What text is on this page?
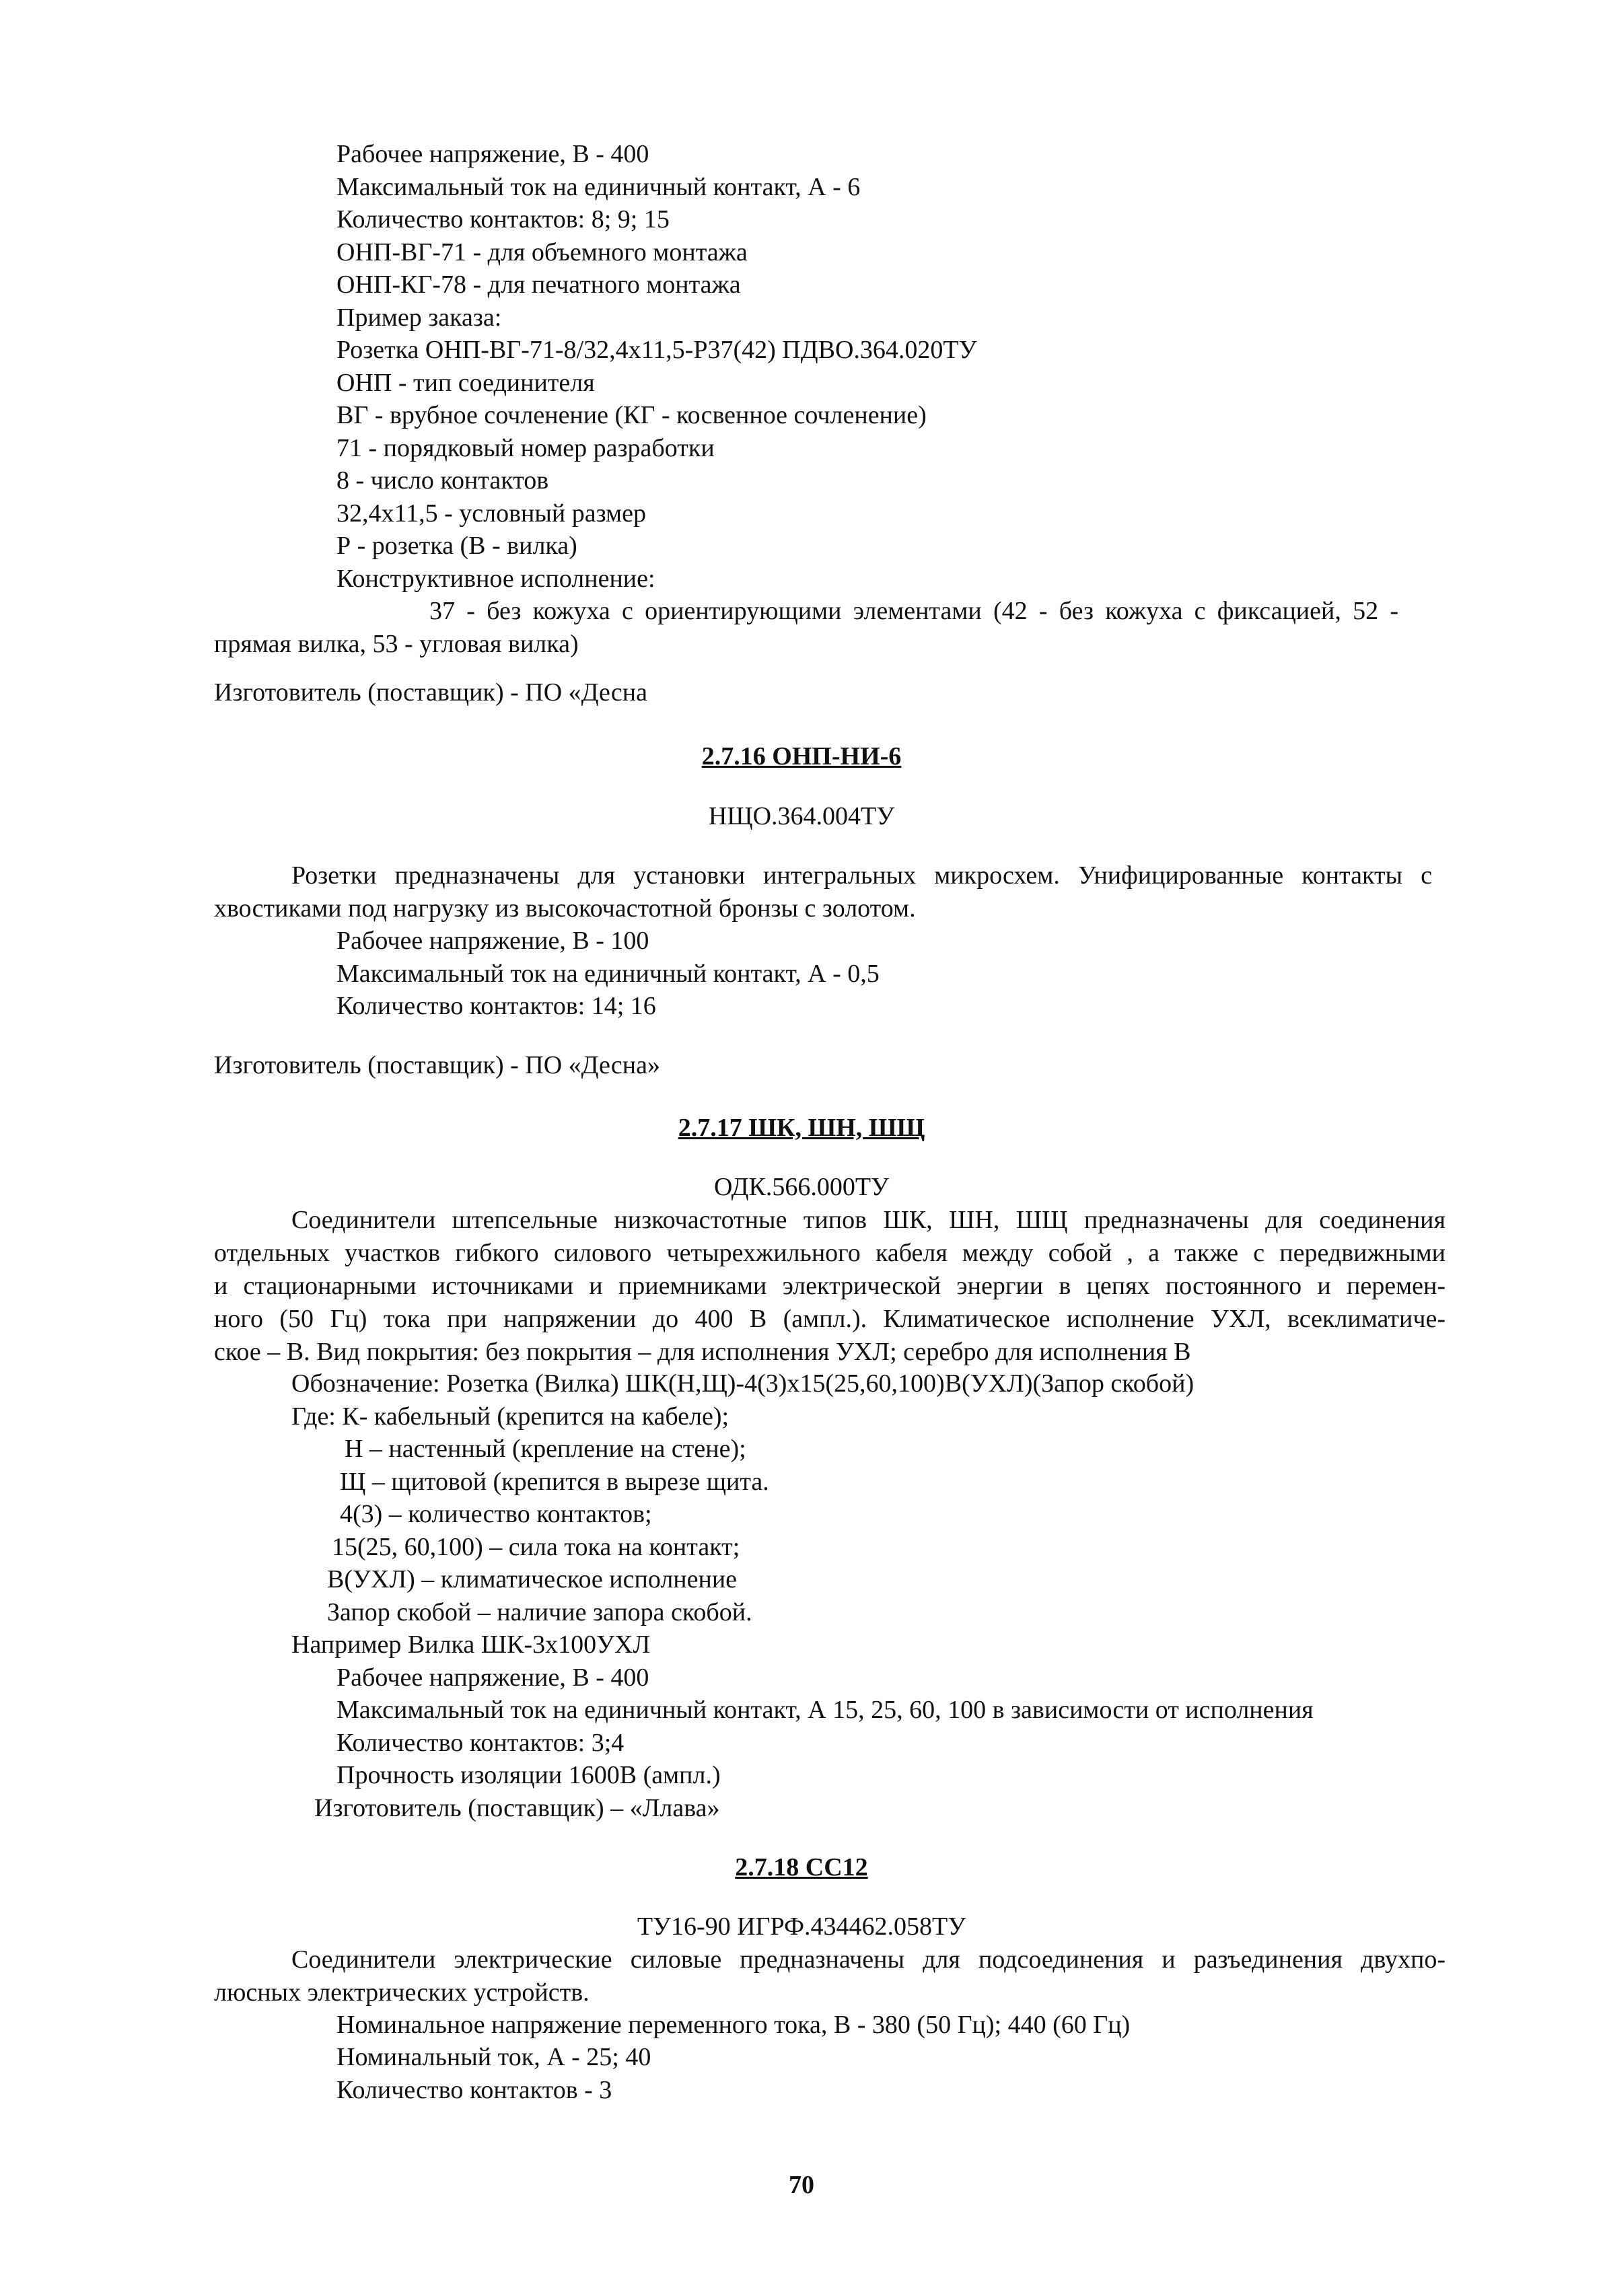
Рабочее напряжение, В - 400
Максимальный ток на единичный контакт, А - 6
Количество контактов: 8; 9; 15
ОНП-ВГ-71 - для объемного монтажа
ОНП-КГ-78 - для печатного монтажа
Пример заказа:
Розетка ОНП-ВГ-71-8/32,4х11,5-Р37(42) ПДВО.364.020ТУ
ОНП - тип соединителя
ВГ - врубное сочленение (КГ - косвенное сочленение)
71 - порядковый номер разработки
8 - число контактов
32,4х11,5 - условный размер
Р - розетка (В - вилка)
Конструктивное исполнение:
37 - без кожуха с ориентирующими элементами (42 - без кожуха с фиксацией, 52 -
прямая вилка, 53 - угловая вилка)
Изготовитель (поставщик) - ПО «Десна
2.7.16 ОНП-НИ-6
НЩО.364.004ТУ
Розетки предназначены для установки интегральных микросхем. Унифицированные контакты с
хвостиками под нагрузку из высокочастотной бронзы с золотом.
Рабочее напряжение, В - 100
Максимальный ток на единичный контакт, А - 0,5
Количество контактов: 14; 16
Изготовитель (поставщик) - ПО «Десна»
2.7.17 ШК, ШН, ШЩ
ОДК.566.000ТУ
Соединители штепсельные низкочастотные типов ШК, ШН, ШЩ предназначены для соединения
отдельных участков гибкого силового четырехжильного кабеля между собой , а также с передвижными
и стационарными источниками и приемниками электрической энергии в цепях постоянного и перемен-
ного (50 Гц) тока при напряжении до 400 В (ампл.). Климатическое исполнение УХЛ, всеклиматиче-
ское – В. Вид покрытия: без покрытия – для исполнения УХЛ; серебро для исполнения В
Обозначение: Розетка (Вилка) ШК(Н,Щ)-4(3)х15(25,60,100)В(УХЛ)(Запор скобой)
Где: К- кабельный (крепится на кабеле);
Н – настенный (крепление на стене);
Щ – щитовой (крепится в вырезе щита.
4(3) – количество контактов;
15(25, 60,100) – сила тока на контакт;
В(УХЛ) – климатическое исполнение
Запор скобой – наличие запора скобой.
Например Вилка ШК-3х100УХЛ
Рабочее напряжение, В - 400
Максимальный ток на единичный контакт, А 15, 25, 60, 100 в зависимости от исполнения
Количество контактов: 3;4
Прочность изоляции 1600В (ампл.)
Изготовитель (поставщик) – «Ллава»
2.7.18 СС12
ТУ16-90 ИГРФ.434462.058ТУ
Соединители электрические силовые предназначены для подсоединения и разъединения двухпо-
люсных электрических устройств.
Номинальное напряжение переменного тока, В - 380 (50 Гц); 440 (60 Гц)
Номинальный ток, А - 25; 40
Количество контактов - 3
70
